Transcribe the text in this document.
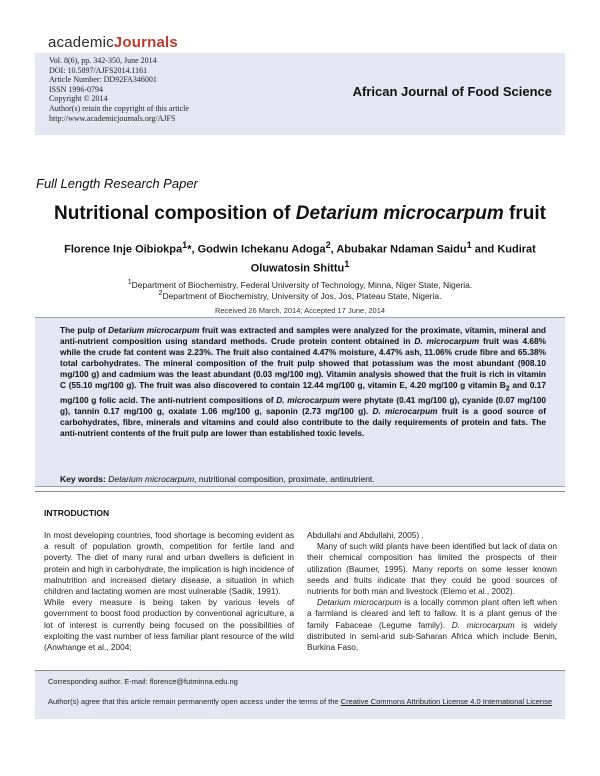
academicJournals
Vol. 8(6), pp. 342-350, June 2014
DOI: 10.5897/AJFS2014.1161
Article Number: DD92FA346001
ISSN 1996-0794
Copyright © 2014
Author(s) retain the copyright of this article
http://www.academicjournals.org/AJFS
African Journal of Food Science
Full Length Research Paper
Nutritional composition of Detarium microcarpum fruit
Florence Inje Oibiokpa$^1$*, Godwin Ichekanu Adoga$^2$, Abubakar Ndaman Saidu$^1$ and Kudirat Oluwatosin Shittu$^1$
$^1$Department of Biochemistry, Federal University of Technology, Minna, Niger State, Nigeria.
$^2$Department of Biochemistry, University of Jos, Jos, Plateau State, Nigeria.
Received 26 March, 2014; Accepted 17 June, 2014
The pulp of Detarium microcarpum fruit was extracted and samples were analyzed for the proximate, vitamin, mineral and anti-nutrient composition using standard methods. Crude protein content obtained in D. microcarpum fruit was 4.68% while the crude fat content was 2.23%. The fruit also contained 4.47% moisture, 4.47% ash, 11.06% crude fibre and 65.38% total carbohydrates. The mineral composition of the fruit pulp showed that potassium was the most abundant (908.10 mg/100 g) and cadmium was the least abundant (0.03 mg/100 mg). Vitamin analysis showed that the fruit is rich in vitamin C (55.10 mg/100 g). The fruit was also discovered to contain 12.44 mg/100 g, vitamin E, 4.20 mg/100 g vitamin $B_2$ and 0.17 mg/100 g folic acid. The anti-nutrient compositions of D. microcarpum were phytate (0.41 mg/100 g), cyanide (0.07 mg/100 g), tannin 0.17 mg/100 g, oxalate 1.06 mg/100 g, saponin (2.73 mg/100 g). D. microcarpum fruit is a good source of carbohydrates, fibre, minerals and vitamins and could also contribute to the daily requirements of protein and fats. The anti-nutrient contents of the fruit pulp are lower than established toxic levels.
Key words: Detarium microcarpum, nutritional composition, proximate, antinutrient.
INTRODUCTION

In most developing countries, food shortage is becoming evident as a result of population growth, competition for fertile land and poverty. The diet of many rural and urban dwellers is deficient in protein and high in carbohydrate, the implication is high incidence of malnutrition and increased dietary disease, a situation in which children and lactating women are most vulnerable (Sadik, 1991).

While every measure is being taken by various levels of government to boost food production by conventional agriculture, a lot of interest is currently being focused on the possibilities of exploiting the vast number of less familiar plant resource of the wild (Anwhange et al., 2004;

Abdullahi and Abdullahi, 2005) .

Many of such wild plants have been identified but lack of data on their chemical composition has limited the prospects of their utilization (Baumer, 1995). Many reports on some lesser known seeds and fruits indicate that they could be good sources of nutrients for both man and livestock (Elemo et al., 2002).

Detarium microcarpum is a locally common plant often left when a farmland is cleared and left to fallow. It is a plant genus of the family Fabaceae (Legume family). D. microcarpum is widely distributed in semi-arid sub-Saharan Africa which include Benin, Burkina Faso,

Corresponding author. E-mail: florence@futminna.edu.ng
Author(s) agree that this article remain permanently open access under the terms of the Creative Commons Attribution License 4.0 International License
